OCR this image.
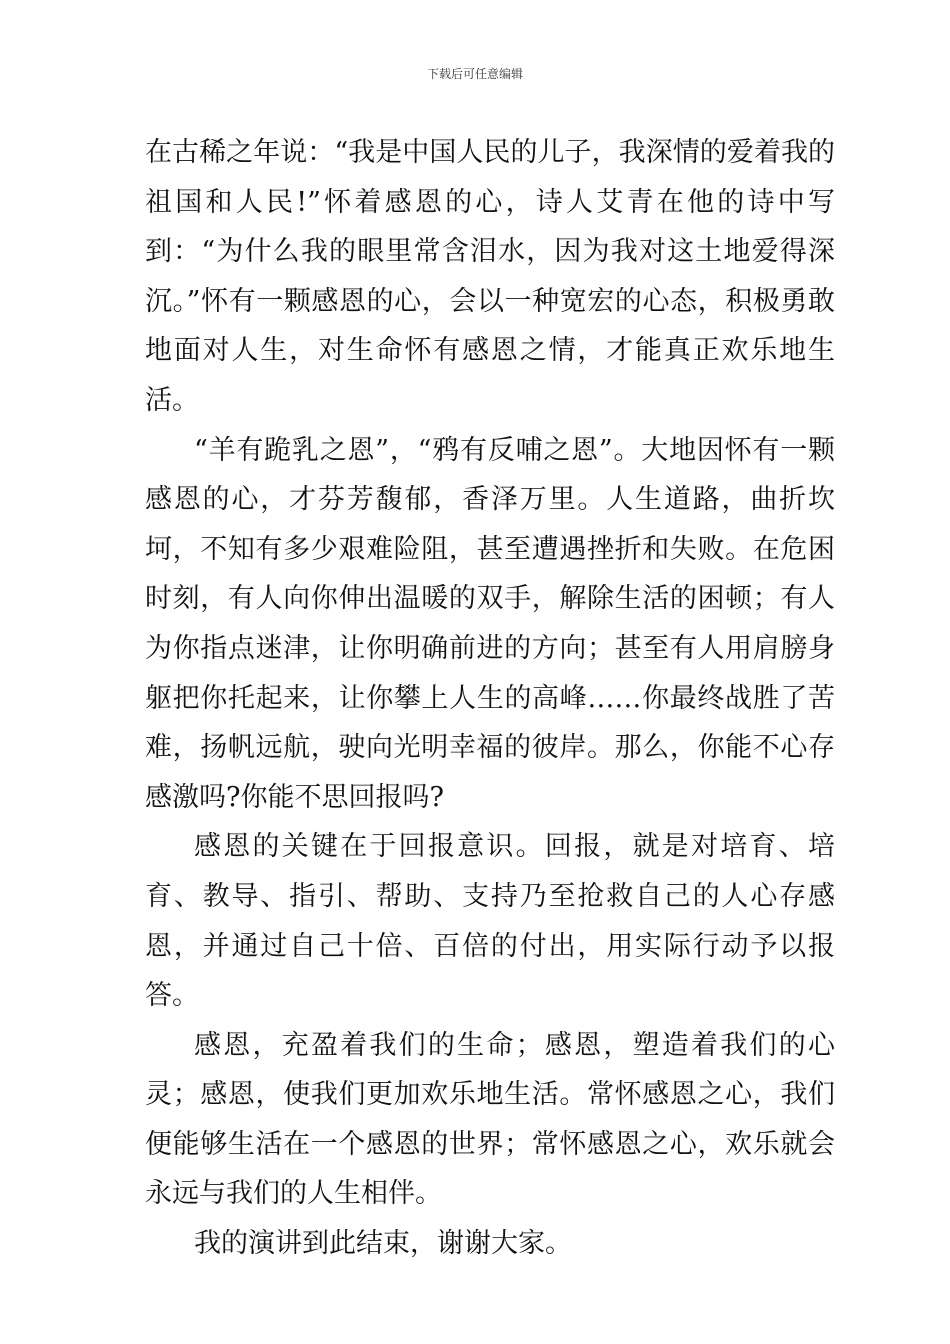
下载后可任意编辑

在古稀之年说：“我是中国人民的儿子，我深情的爱着我的祖国和人民!”怀着感恩的心，诗人艾青在他的诗中写到：“为什么我的眼里常含泪水，因为我对这土地爱得深沉。”怀有一颗感恩的心，会以一种宽宏的心态，积极勇敢地面对人生，对生命怀有感恩之情，才能真正欢乐地生活。

“羊有跪乳之恩”，“鸦有反哺之恩”。大地因怀有一颗感恩的心，才芬芳馥郁，香泽万里。人生道路，曲折坎坷，不知有多少艰难险阻，甚至遭遇挫折和失败。在危困时刻，有人向你伸出温暖的双手，解除生活的困顿；有人为你指点迷津，让你明确前进的方向；甚至有人用肩膀身躯把你托起来，让你攀上人生的高峰……你最终战胜了苦难，扬帆远航，驶向光明幸福的彼岸。那么，你能不心存感激吗?你能不思回报吗?

感恩的关键在于回报意识。回报，就是对培育、培育、教导、指引、帮助、支持乃至抢救自己的人心存感恩，并通过自己十倍、百倍的付出，用实际行动予以报答。

感恩，充盈着我们的生命；感恩，塑造着我们的心灵；感恩，使我们更加欢乐地生活。常怀感恩之心，我们便能够生活在一个感恩的世界；常怀感恩之心，欢乐就会永远与我们的人生相伴。

我的演讲到此结束，谢谢大家。
